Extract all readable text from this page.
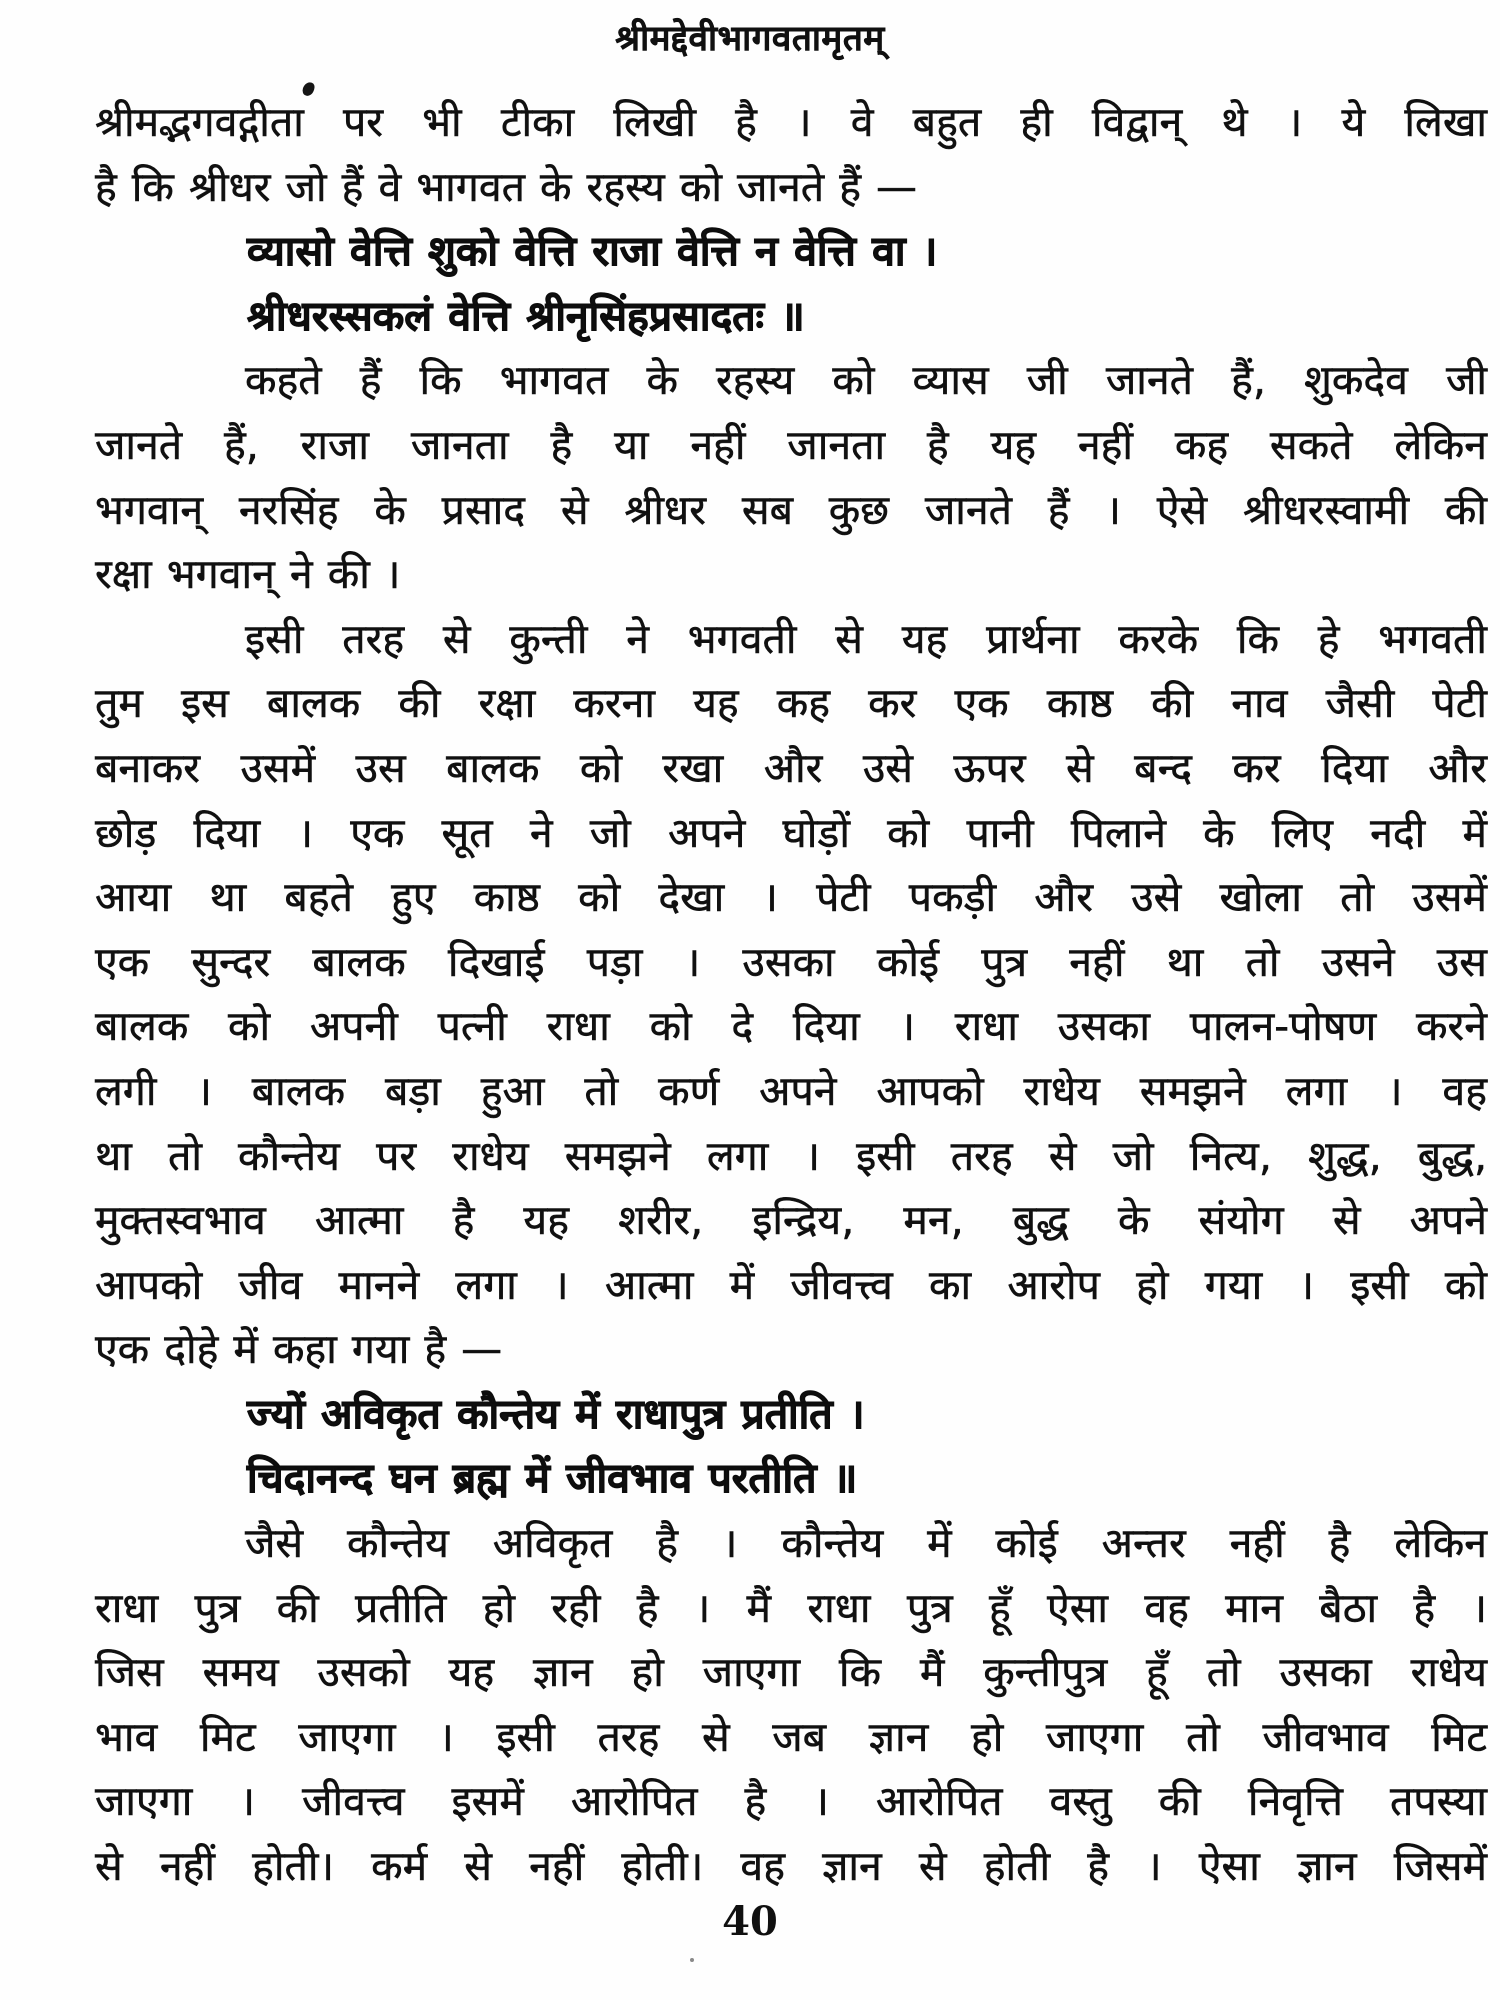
श्रीमद्देवीभागवतामृतम्
श्रीमद्भगवद्गीता पर भी टीका लिखी है । वे बहुत ही विद्वान् थे । ये लिखा
है कि श्रीधर जो हैं वे भागवत के रहस्य को जानते हैं —
व्यासो वेत्ति शुको वेत्ति राजा वेत्ति न वेत्ति वा ।
श्रीधरस्सकलं वेत्ति श्रीनृसिंहप्रसादतः ॥
कहते हैं कि भागवत के रहस्य को व्यास जी जानते हैं, शुकदेव जी
जानते हैं, राजा जानता है या नहीं जानता है यह नहीं कह सकते लेकिन
भगवान् नरसिंह के प्रसाद से श्रीधर सब कुछ जानते हैं । ऐसे श्रीधरस्वामी की
रक्षा भगवान् ने की ।
इसी तरह से कुन्ती ने भगवती से यह प्रार्थना करके कि हे भगवती
तुम इस बालक की रक्षा करना यह कह कर एक काष्ठ की नाव जैसी पेटी
बनाकर उसमें उस बालक को रखा और उसे ऊपर से बन्द कर दिया और
छोड़ दिया । एक सूत ने जो अपने घोड़ों को पानी पिलाने के लिए नदी में
आया था बहते हुए काष्ठ को देखा । पेटी पकड़ी और उसे खोला तो उसमें
एक सुन्दर बालक दिखाई पड़ा । उसका कोई पुत्र नहीं था तो उसने उस
बालक को अपनी पत्नी राधा को दे दिया । राधा उसका पालन-पोषण करने
लगी । बालक बड़ा हुआ तो कर्ण अपने आपको राधेय समझने लगा । वह
था तो कौन्तेय पर राधेय समझने लगा । इसी तरह से जो नित्य, शुद्ध, बुद्ध,
मुक्तस्वभाव आत्मा है यह शरीर, इन्द्रिय, मन, बुद्ध के संयोग से अपने
आपको जीव मानने लगा । आत्मा में जीवत्त्व का आरोप हो गया । इसी को
एक दोहे में कहा गया है —
ज्यों अविकृत कौन्तेय में राधापुत्र प्रतीति ।
चिदानन्द घन ब्रह्म में जीवभाव परतीति ॥
जैसे कौन्तेय अविकृत है । कौन्तेय में कोई अन्तर नहीं है लेकिन
राधा पुत्र की प्रतीति हो रही है । मैं राधा पुत्र हूँ ऐसा वह मान बैठा है ।
जिस समय उसको यह ज्ञान हो जाएगा कि मैं कुन्तीपुत्र हूँ तो उसका राधेय
भाव मिट जाएगा । इसी तरह से जब ज्ञान हो जाएगा तो जीवभाव मिट
जाएगा । जीवत्त्व इसमें आरोपित है । आरोपित वस्तु की निवृत्ति तपस्या
से नहीं होती। कर्म से नहीं होती। वह ज्ञान से होती है । ऐसा ज्ञान जिसमें
40
